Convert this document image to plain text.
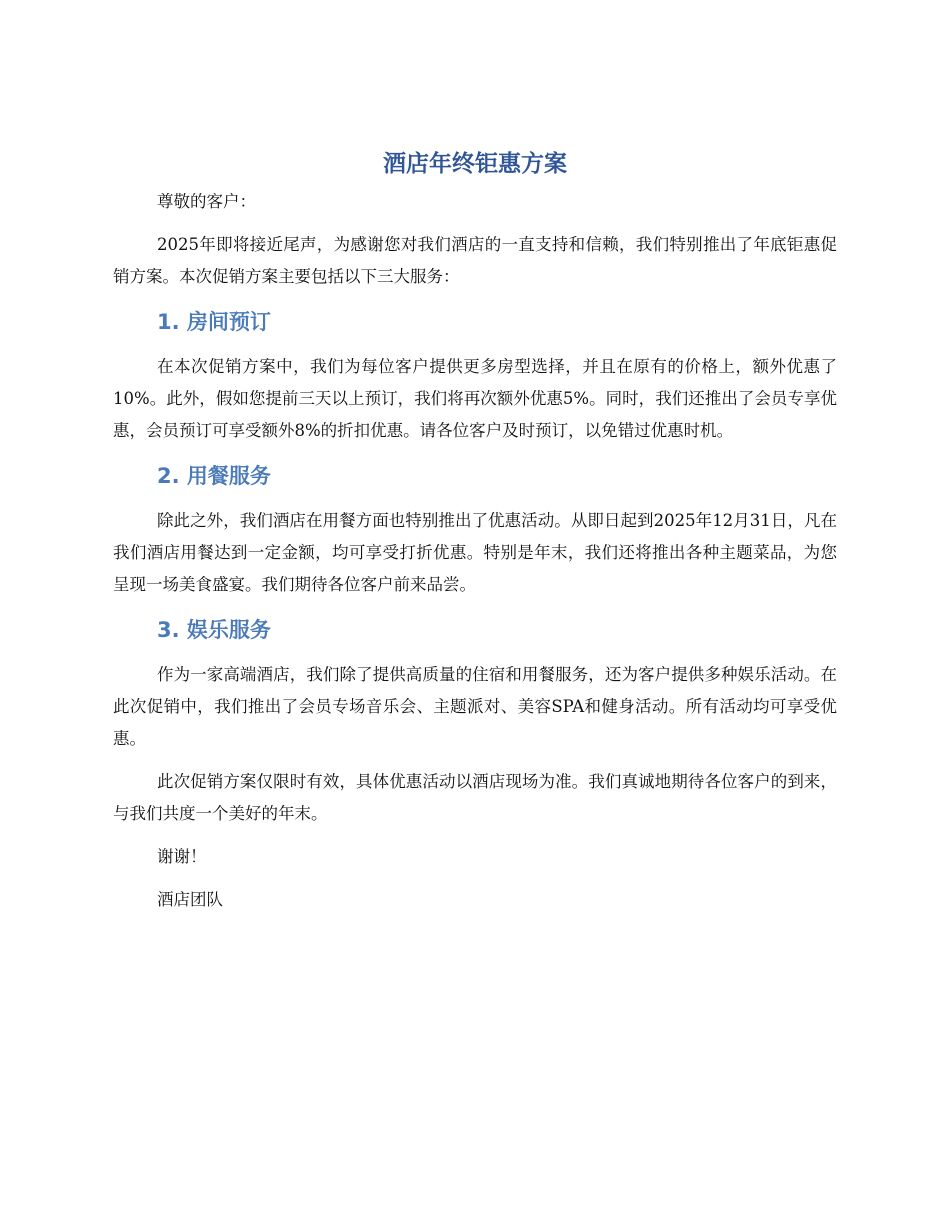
酒店年终钜惠方案

尊敬的客户：

2025年即将接近尾声，为感谢您对我们酒店的一直支持和信赖，我们特别推出了年底钜惠促销方案。本次促销方案主要包括以下三大服务：

1. 房间预订

在本次促销方案中，我们为每位客户提供更多房型选择，并且在原有的价格上，额外优惠了10%。此外，假如您提前三天以上预订，我们将再次额外优惠5%。同时，我们还推出了会员专享优惠，会员预订可享受额外8%的折扣优惠。请各位客户及时预订，以免错过优惠时机。

2. 用餐服务

除此之外，我们酒店在用餐方面也特别推出了优惠活动。从即日起到2025年12月31日，凡在我们酒店用餐达到一定金额，均可享受打折优惠。特别是年末，我们还将推出各种主题菜品，为您呈现一场美食盛宴。我们期待各位客户前来品尝。

3. 娱乐服务

作为一家高端酒店，我们除了提供高质量的住宿和用餐服务，还为客户提供多种娱乐活动。在此次促销中，我们推出了会员专场音乐会、主题派对、美容SPA和健身活动。所有活动均可享受优惠。

此次促销方案仅限时有效，具体优惠活动以酒店现场为准。我们真诚地期待各位客户的到来，与我们共度一个美好的年末。

谢谢！

酒店团队
